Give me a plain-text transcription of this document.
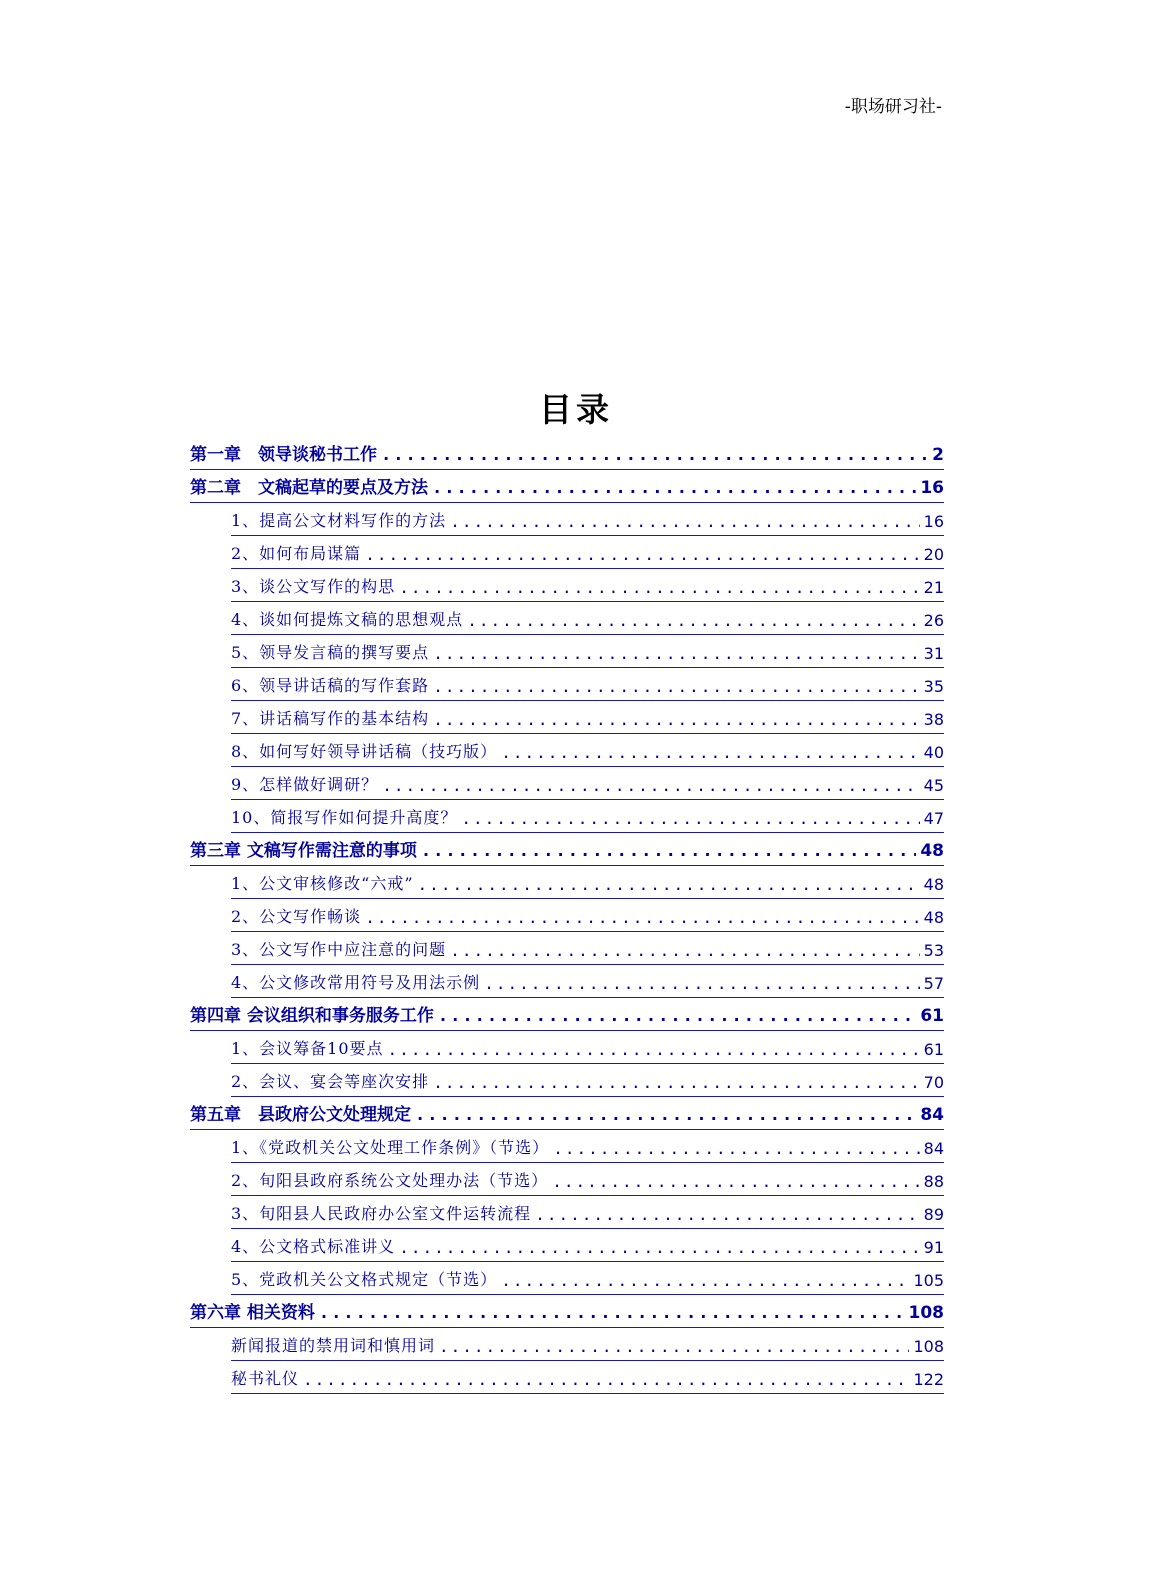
-职场研习社-
目录
第一章　领导谈秘书工作 .....	2
第二章　文稿起草的要点及方法 .....	16
1、提高公文材料写作的方法 .....	16
2、如何布局谋篇 .....	20
3、谈公文写作的构思 .....	21
4、谈如何提炼文稿的思想观点 .....	26
5、领导发言稿的撰写要点 .....	31
6、领导讲话稿的写作套路 .....	35
7、讲话稿写作的基本结构 .....	38
8、如何写好领导讲话稿（技巧版） .....	40
9、怎样做好调研？ .....	45
10、简报写作如何提升高度？ .....	47
第三章 文稿写作需注意的事项 .....	48
1、公文审核修改“六戒” .....	48
2、公文写作畅谈 .....	48
3、公文写作中应注意的问题 .....	53
4、公文修改常用符号及用法示例 .....	57
第四章 会议组织和事务服务工作 .....	61
1、会议筹备10要点 .....	61
2、会议、宴会等座次安排 .....	70
第五章　县政府公文处理规定 .....	84
1、《党政机关公文处理工作条例》（节选） .....	84
2、旬阳县政府系统公文处理办法（节选） .....	88
3、旬阳县人民政府办公室文件运转流程 .....	89
4、公文格式标准讲义 .....	91
5、党政机关公文格式规定（节选） .....	105
第六章 相关资料 .....	108
新闻报道的禁用词和慎用词 .....	108
秘书礼仪 .....	122
